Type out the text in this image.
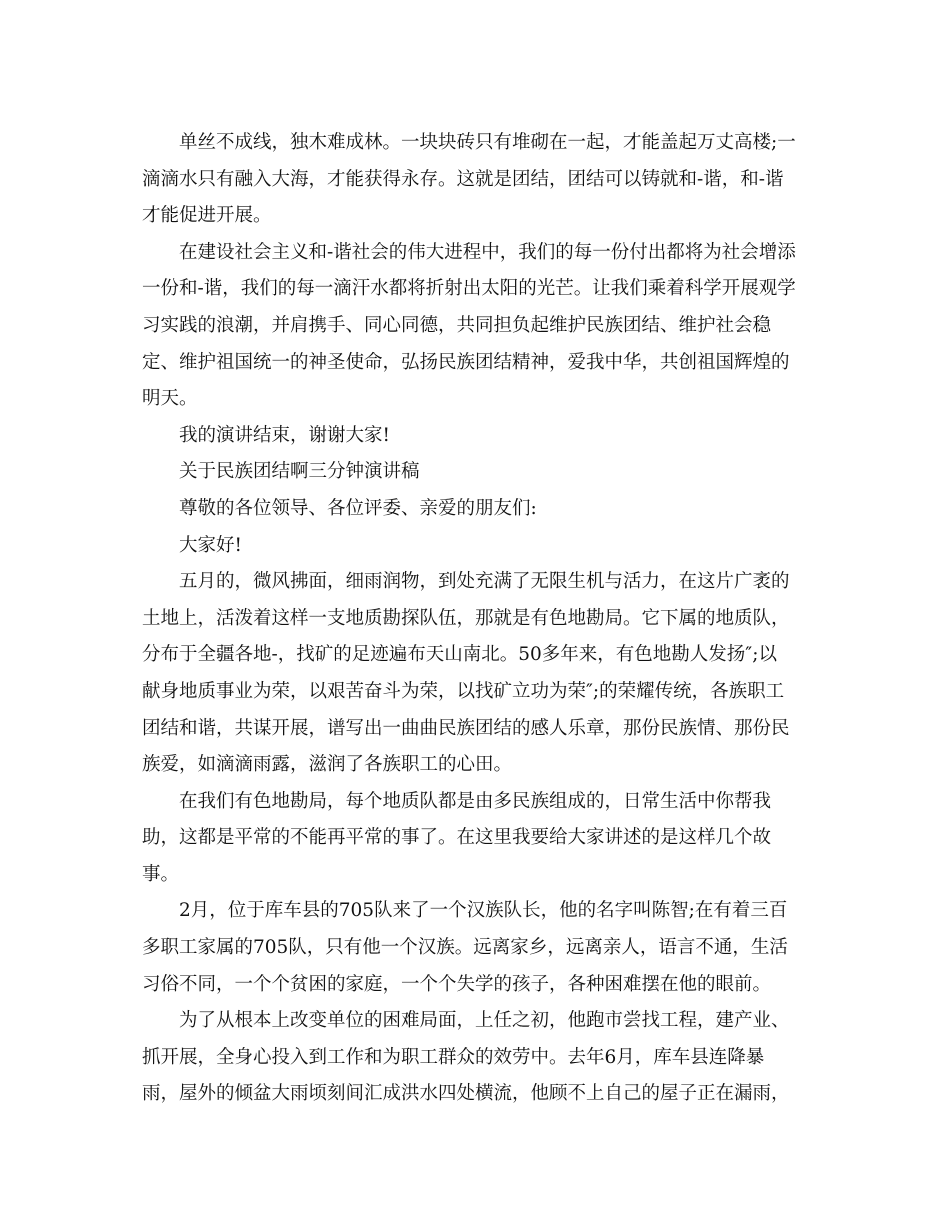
单丝不成线，独木难成林。一块块砖只有堆砌在一起，才能盖起万丈高楼;一
滴滴水只有融入大海，才能获得永存。这就是团结，团结可以铸就和-谐，和-谐
才能促进开展。
在建设社会主义和-谐社会的伟大进程中，我们的每一份付出都将为社会增添
一份和-谐，我们的每一滴汗水都将折射出太阳的光芒。让我们乘着科学开展观学
习实践的浪潮，并肩携手、同心同德，共同担负起维护民族团结、维护社会稳
定、维护祖国统一的神圣使命，弘扬民族团结精神，爱我中华，共创祖国辉煌的
明天。
我的演讲结束，谢谢大家!
关于民族团结啊三分钟演讲稿
尊敬的各位领导、各位评委、亲爱的朋友们:
大家好!
五月的，微风拂面，细雨润物，到处充满了无限生机与活力，在这片广袤的
土地上，活泼着这样一支地质勘探队伍，那就是有色地勘局。它下属的地质队，
分布于全疆各地-，找矿的足迹遍布天山南北。50多年来，有色地勘人发扬″;以
献身地质事业为荣，以艰苦奋斗为荣，以找矿立功为荣″;的荣耀传统，各族职工
团结和谐，共谋开展，谱写出一曲曲民族团结的感人乐章，那份民族情、那份民
族爱，如滴滴雨露，滋润了各族职工的心田。
在我们有色地勘局，每个地质队都是由多民族组成的，日常生活中你帮我
助，这都是平常的不能再平常的事了。在这里我要给大家讲述的是这样几个故
事。
2月，位于库车县的705队来了一个汉族队长，他的名字叫陈智;在有着三百
多职工家属的705队，只有他一个汉族。远离家乡，远离亲人，语言不通，生活
习俗不同，一个个贫困的家庭，一个个失学的孩子，各种困难摆在他的眼前。
为了从根本上改变单位的困难局面，上任之初，他跑市尝找工程，建产业、
抓开展，全身心投入到工作和为职工群众的效劳中。去年6月，库车县连降暴
雨，屋外的倾盆大雨顷刻间汇成洪水四处横流，他顾不上自己的屋子正在漏雨，
